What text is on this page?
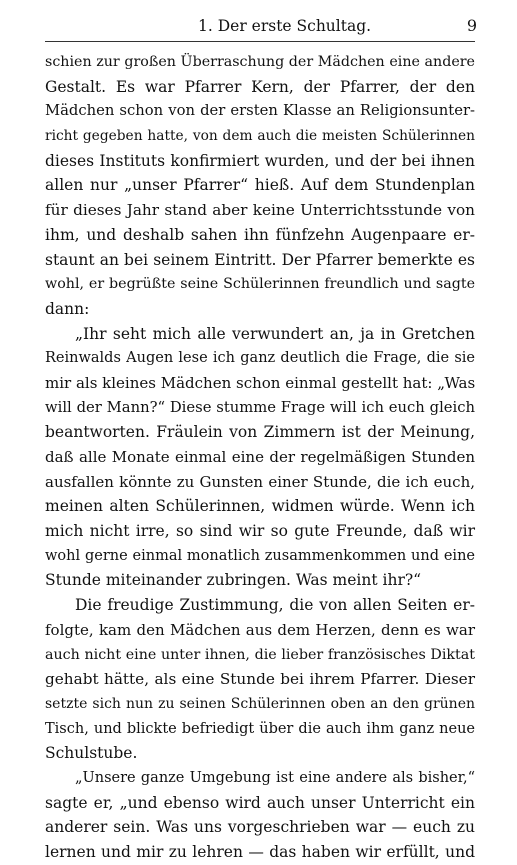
1. Der erste Schultag.	9
schien zur großen Überraschung der Mädchen eine andere
Gestalt. Es war Pfarrer Kern, der Pfarrer, der den
Mädchen schon von der ersten Klasse an Religionsunter-
richt gegeben hatte, von dem auch die meisten Schülerinnen
dieses Instituts konfirmiert wurden, und der bei ihnen
allen nur „unser Pfarrer“ hieß. Auf dem Stundenplan
für dieses Jahr stand aber keine Unterrichtsstunde von
ihm, und deshalb sahen ihn fünfzehn Augenpaare er-
staunt an bei seinem Eintritt. Der Pfarrer bemerkte es
wohl, er begrüßte seine Schülerinnen freundlich und sagte
dann:
„Ihr seht mich alle verwundert an, ja in Gretchen
Reinwalds Augen lese ich ganz deutlich die Frage, die sie
mir als kleines Mädchen schon einmal gestellt hat: „Was
will der Mann?“ Diese stumme Frage will ich euch gleich
beantworten. Fräulein von Zimmern ist der Meinung,
daß alle Monate einmal eine der regelmäßigen Stunden
ausfallen könnte zu Gunsten einer Stunde, die ich euch,
meinen alten Schülerinnen, widmen würde. Wenn ich
mich nicht irre, so sind wir so gute Freunde, daß wir
wohl gerne einmal monatlich zusammenkommen und eine
Stunde miteinander zubringen. Was meint ihr?“
Die freudige Zustimmung, die von allen Seiten er-
folgte, kam den Mädchen aus dem Herzen, denn es war
auch nicht eine unter ihnen, die lieber französisches Diktat
gehabt hätte, als eine Stunde bei ihrem Pfarrer. Dieser
setzte sich nun zu seinen Schülerinnen oben an den grünen
Tisch, und blickte befriedigt über die auch ihm ganz neue
Schulstube.
„Unsere ganze Umgebung ist eine andere als bisher,“
sagte er, „und ebenso wird auch unser Unterricht ein
anderer sein. Was uns vorgeschrieben war — euch zu
lernen und mir zu lehren — das haben wir erfüllt, und
